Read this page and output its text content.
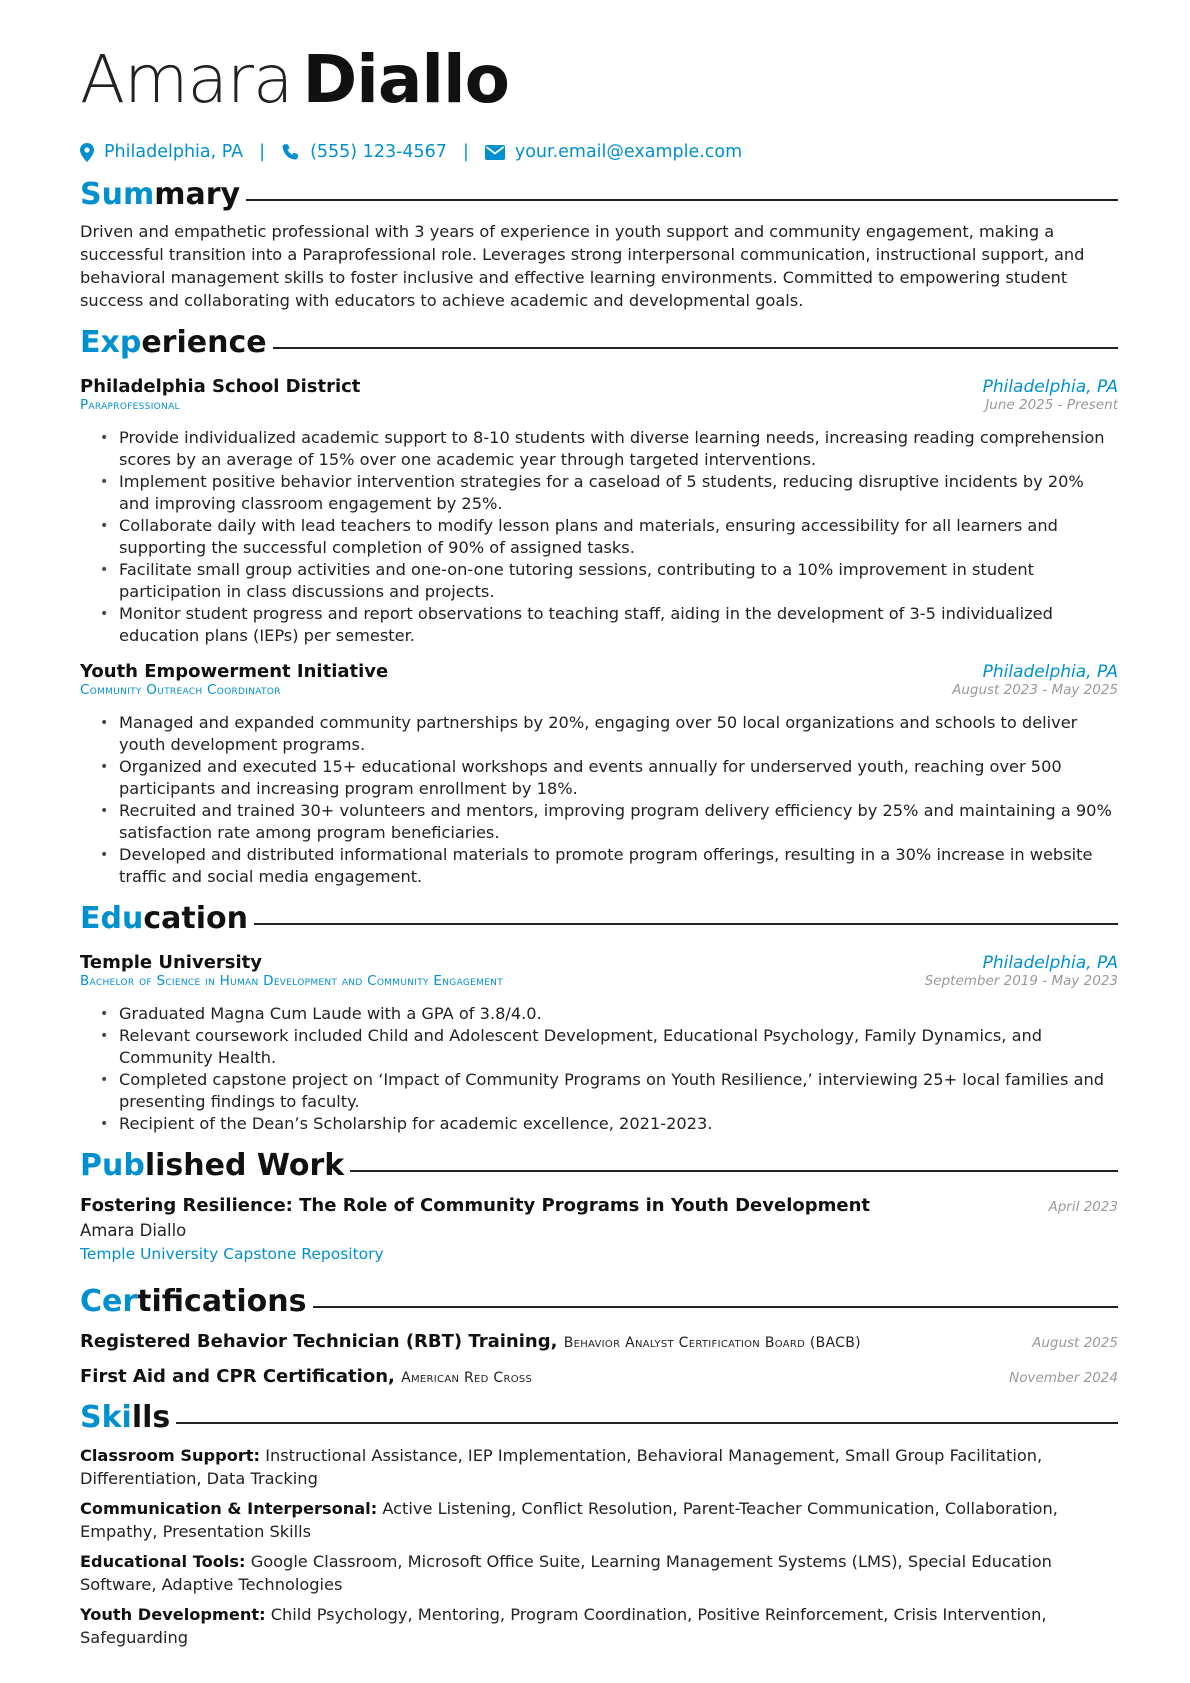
Amara Diallo
Philadelphia, PA |	(555) 123-4567 |	your.email@example.com
Summary
Driven and empathetic professional with 3 years of experience in youth support and community engagement, making a successful transition into a Paraprofessional role. Leverages strong interpersonal communication, instructional support, and behavioral management skills to foster inclusive and effective learning environments. Committed to empowering student success and collaborating with educators to achieve academic and developmental goals.
Experience
Philadelphia School District	Philadelphia, PA
Paraprofessional	June 2025 - Present
• Provide individualized academic support to 8-10 students with diverse learning needs, increasing reading comprehension scores by an average of 15% over one academic year through targeted interventions.
• Implement positive behavior intervention strategies for a caseload of 5 students, reducing disruptive incidents by 20% and improving classroom engagement by 25%.
• Collaborate daily with lead teachers to modify lesson plans and materials, ensuring accessibility for all learners and supporting the successful completion of 90% of assigned tasks.
• Facilitate small group activities and one-on-one tutoring sessions, contributing to a 10% improvement in student participation in class discussions and projects.
• Monitor student progress and report observations to teaching staff, aiding in the development of 3-5 individualized education plans (IEPs) per semester.
Youth Empowerment Initiative	Philadelphia, PA
Community Outreach Coordinator	August 2023 - May 2025
• Managed and expanded community partnerships by 20%, engaging over 50 local organizations and schools to deliver youth development programs.
• Organized and executed 15+ educational workshops and events annually for underserved youth, reaching over 500 participants and increasing program enrollment by 18%.
• Recruited and trained 30+ volunteers and mentors, improving program delivery efficiency by 25% and maintaining a 90% satisfaction rate among program beneficiaries.
• Developed and distributed informational materials to promote program offerings, resulting in a 30% increase in website traffic and social media engagement.
Education
Temple University	Philadelphia, PA
Bachelor of Science in Human Development and Community Engagement	September 2019 - May 2023
• Graduated Magna Cum Laude with a GPA of 3.8/4.0.
• Relevant coursework included Child and Adolescent Development, Educational Psychology, Family Dynamics, and Community Health.
• Completed capstone project on ‘Impact of Community Programs on Youth Resilience,’ interviewing 25+ local families and presenting findings to faculty.
• Recipient of the Dean’s Scholarship for academic excellence, 2021-2023.
Published Work
Fostering Resilience: The Role of Community Programs in Youth Development	April 2023
Amara Diallo
Temple University Capstone Repository
Certifications
Registered Behavior Technician (RBT) Training, Behavior Analyst Certification Board (BACB)	August 2025
First Aid and CPR Certification, American Red Cross	November 2024
Skills
Classroom Support: Instructional Assistance, IEP Implementation, Behavioral Management, Small Group Facilitation, Differentiation, Data Tracking
Communication & Interpersonal: Active Listening, Conflict Resolution, Parent-Teacher Communication, Collaboration, Empathy, Presentation Skills
Educational Tools: Google Classroom, Microsoft Office Suite, Learning Management Systems (LMS), Special Education Software, Adaptive Technologies
Youth Development: Child Psychology, Mentoring, Program Coordination, Positive Reinforcement, Crisis Intervention, Safeguarding
